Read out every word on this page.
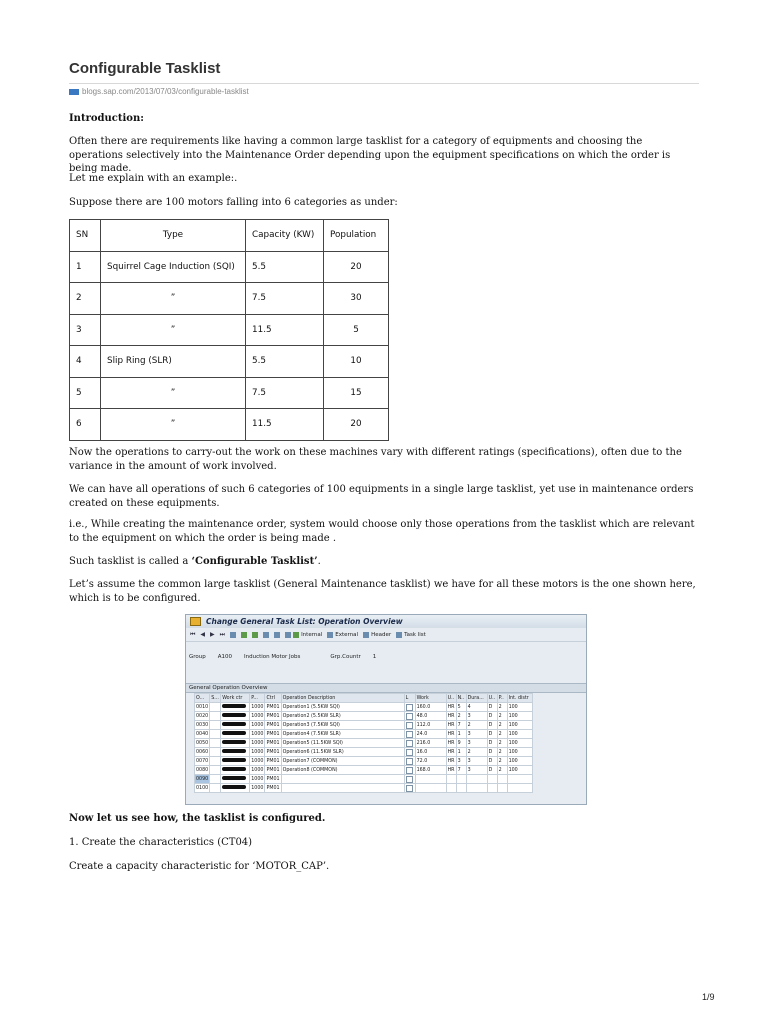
Configurable Tasklist
blogs.sap.com/2013/07/03/configurable-tasklist

Introduction:

Often there are requirements like having a common large tasklist for a category of equipments and choosing the operations selectively into the Maintenance Order depending upon the equipment specifications on which the order is being made.

Let me explain with an example:.

Suppose there are 100 motors falling into 6 categories as under:

SN	Type	Capacity (KW)	Population
1	Squirrel Cage Induction (SQI)	5.5	20
2	”	7.5	30
3	”	11.5	5
4	Slip Ring (SLR)	5.5	10
5	”	7.5	15
6	”	11.5	20

Now the operations to carry-out the work on these machines vary with different ratings (specifications), often due to the variance in the amount of work involved.

We can have all operations of such 6 categories of 100 equipments in a single large tasklist, yet use in maintenance orders created on these equipments.

i.e., While creating the maintenance order, system would choose only those operations from the tasklist which are relevant to the equipment on which the order is being made .

Such tasklist is called a ‘Configurable Tasklist’.

Let’s assume the common large tasklist (General Maintenance tasklist) we have for all these motors is the one shown here, which is to be configured.

Change General Task List: Operation Overview
⏮ ◀ ▶ ⏭	Internal External Header Task list
Group A100 Induction Motor Jobs	Grp.Countr 1
General Operation Overview
O...	S...	Work ctr	P...	Ctrl	Operation Description	L	Work	U..	N..	Dura...	U..	P..	Int. distr
0010			1000	PM01	Operation1 (5.5KW SQI)		160.0	HR	5	4	D	2	100
0020			1000	PM01	Operation2 (5.5KW SLR)		48.0	HR	2	3	D	2	100
0030			1000	PM01	Operation3 (7.5KW SQI)		112.0	HR	7	2	D	2	100
0040			1000	PM01	Operation4 (7.5KW SLR)		24.0	HR	1	3	D	2	100
0050			1000	PM01	Operation5 (11.5KW SQI)		216.0	HR	9	3	D	2	100
0060			1000	PM01	Operation6 (11.5KW SLR)		16.0	HR	1	2	D	2	100
0070			1000	PM01	Operation7 (COMMON)		72.0	HR	3	3	D	2	100
0080			1000	PM01	Operation8 (COMMON)		168.0	HR	7	3	D	2	100
0090			1000	PM01									
0100			1000	PM01									

Now let us see how, the tasklist is configured.

1. Create the characteristics (CT04)

Create a capacity characteristic for ‘MOTOR_CAP’.

1/9
